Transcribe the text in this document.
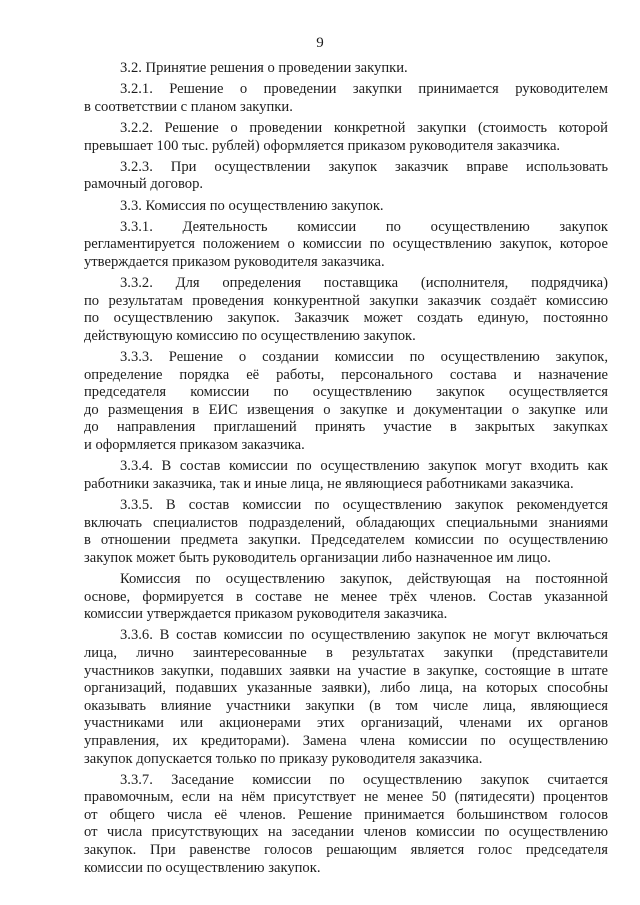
9
3.2. Принятие решения о проведении закупки.
3.2.1. Решение о проведении закупки принимается руководителем
в соответствии с планом закупки.
3.2.2. Решение о проведении конкретной закупки (стоимость которой
превышает 100 тыс. рублей) оформляется приказом руководителя заказчика.
3.2.3. При осуществлении закупок заказчик вправе использовать
рамочный договор.
3.3. Комиссия по осуществлению закупок.
3.3.1. Деятельность комиссии по осуществлению закупок
регламентируется положением о комиссии по осуществлению закупок, которое
утверждается приказом руководителя заказчика.
3.3.2. Для определения поставщика (исполнителя, подрядчика)
по результатам проведения конкурентной закупки заказчик создаёт комиссию
по осуществлению закупок. Заказчик может создать единую, постоянно
действующую комиссию по осуществлению закупок.
3.3.3. Решение о создании комиссии по осуществлению закупок,
определение порядка её работы, персонального состава и назначение
председателя комиссии по осуществлению закупок осуществляется
до размещения в ЕИС извещения о закупке и документации о закупке или
до направления приглашений принять участие в закрытых закупках
и оформляется приказом заказчика.
3.3.4. В состав комиссии по осуществлению закупок могут входить как
работники заказчика, так и иные лица, не являющиеся работниками заказчика.
3.3.5. В состав комиссии по осуществлению закупок рекомендуется
включать специалистов подразделений, обладающих специальными знаниями
в отношении предмета закупки. Председателем комиссии по осуществлению
закупок может быть руководитель организации либо назначенное им лицо.
Комиссия по осуществлению закупок, действующая на постоянной
основе, формируется в составе не менее трёх членов. Состав указанной
комиссии утверждается приказом руководителя заказчика.
3.3.6. В состав комиссии по осуществлению закупок не могут включаться
лица, лично заинтересованные в результатах закупки (представители
участников закупки, подавших заявки на участие в закупке, состоящие в штате
организаций, подавших указанные заявки), либо лица, на которых способны
оказывать влияние участники закупки (в том числе лица, являющиеся
участниками или акционерами этих организаций, членами их органов
управления, их кредиторами). Замена члена комиссии по осуществлению
закупок допускается только по приказу руководителя заказчика.
3.3.7. Заседание комиссии по осуществлению закупок считается
правомочным, если на нём присутствует не менее 50 (пятидесяти) процентов
от общего числа её членов. Решение принимается большинством голосов
от числа присутствующих на заседании членов комиссии по осуществлению
закупок. При равенстве голосов решающим является голос председателя
комиссии по осуществлению закупок.
